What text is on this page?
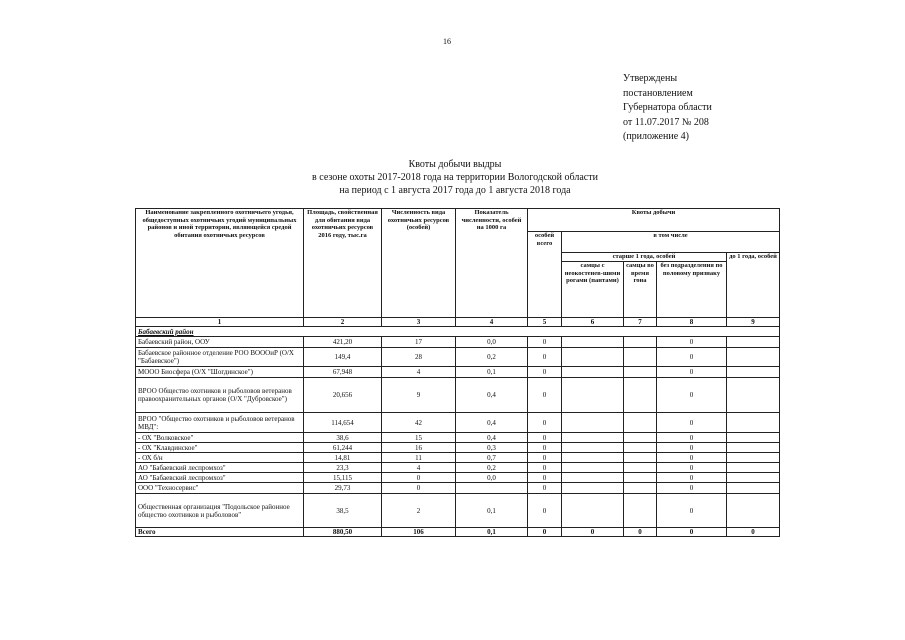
16
Утверждены
постановлением
Губернатора области
от 11.07.2017 № 208
(приложение 4)
Квоты добычи выдры
в сезоне охоты 2017-2018 года на территории Вологодской области
на период с 1 августа 2017 года до 1 августа 2018 года
Наименование закрепленного охотничьего угодья, общедоступных охотничьих угодий муниципальных районов и иной территории, являющейся средой обитания охотничьих ресурсов	Площадь, свойственная для обитания вида охотничьих ресурсов 2016 году, тыс.га	Численность вида охотничьих ресурсов (особей)	Показатель численности, особей на 1000 га	Квоты добычи				
				особей всего	в том числе			
					старше 1 года, особей			до 1 года, особей
					самцы с неокостенев-шими рогами (пантами)	самцы во время гона	без подразделения по половому признаку	
1	2	3	4	5	6	7	8	9
Бабаевский район								
Бабаевский район, ООУ	421,20	17	0,0	0			0	
Бабаевское районное отделение РОО ВОООиР (О/Х "Бабаевское")	149,4	28	0,2	0			0	
МООО Биосфера (О/Х "Шогдинское")	67,948	4	0,1	0			0	
ВРОО Общество охотников и рыболовов ветеранов правоохранительных органов (О/Х "Дубровское")	20,656	9	0,4	0			0	
ВРОО "Общество охотников и рыболовов ветеранов МВД":	114,654	42	0,4	0			0	
- ОХ "Волковское"	38,6	15	0,4	0			0	
- ОХ "Клавдинское"	61,244	16	0,3	0			0	
- ОХ б/н	14,81	11	0,7	0			0	
АО "Бабаевский леспромхоз"	23,3	4	0,2	0			0	
АО "Бабаевский леспромхоз"	15,115	0	0,0	0			0	
ООО "Техносервис"	29,73	0		0			0	
Общественная организация "Подольское районное общество охотников и рыболовов"	38,5	2	0,1	0			0	
Всего	880,50	106	0,1	0	0	0	0	0
